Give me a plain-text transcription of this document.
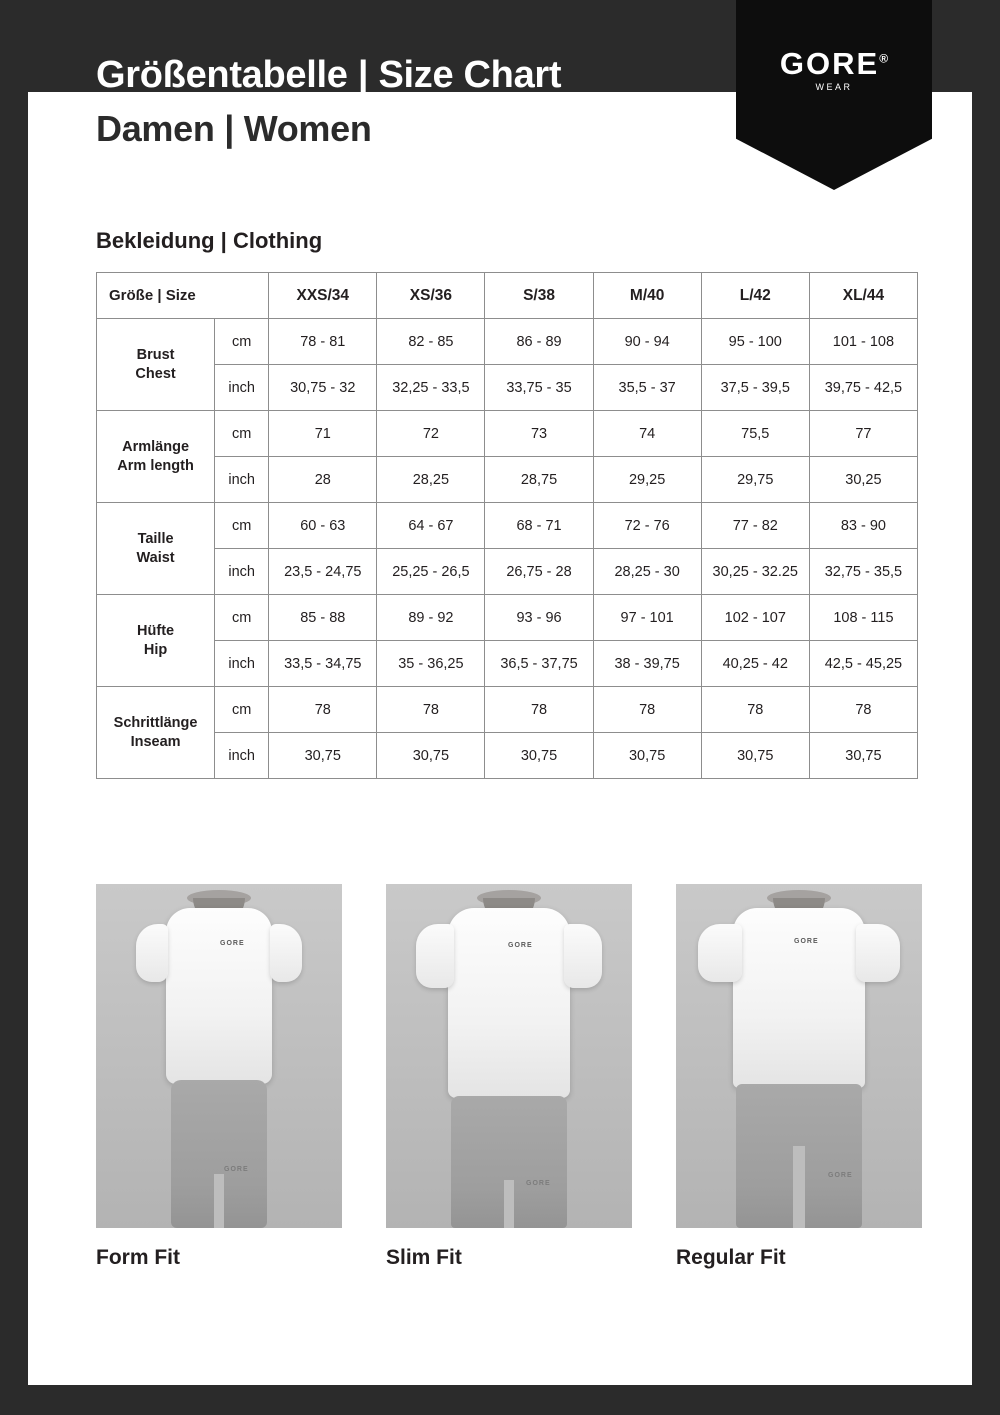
Größentabelle | Size Chart
Damen | Women
GORE®
WEAR
Bekleidung | Clothing
Größe | Size		XXS/34	XS/36	S/38	M/40	L/42	XL/44

Brust
Chest	cm	78 - 81	82 - 85	86 - 89	90 - 94	95 - 100	101 - 108
	inch	30,75 - 32	32,25 - 33,5	33,75 - 35	35,5 - 37	37,5 - 39,5	39,75 - 42,5

Armlänge
Arm length	cm	71	72	73	74	75,5	77
	inch	28	28,25	28,75	29,25	29,75	30,25

Taille
Waist	cm	60 - 63	64 - 67	68 - 71	72 - 76	77 - 82	83 - 90
	inch	23,5 - 24,75	25,25 - 26,5	26,75 - 28	28,25 - 30	30,25 - 32.25	32,75 - 35,5

Hüfte
Hip	cm	85 - 88	89 - 92	93 - 96	97 - 101	102 - 107	108 - 115
	inch	33,5 - 34,75	35 - 36,25	36,5 - 37,75	38 - 39,75	40,25 - 42	42,5 - 45,25

Schrittlänge
Inseam	cm	78	78	78	78	78	78
	inch	30,75	30,75	30,75	30,75	30,75	30,75
GORE
GORE
Form Fit
GORE
GORE
Slim Fit
GORE
GORE
Regular Fit
